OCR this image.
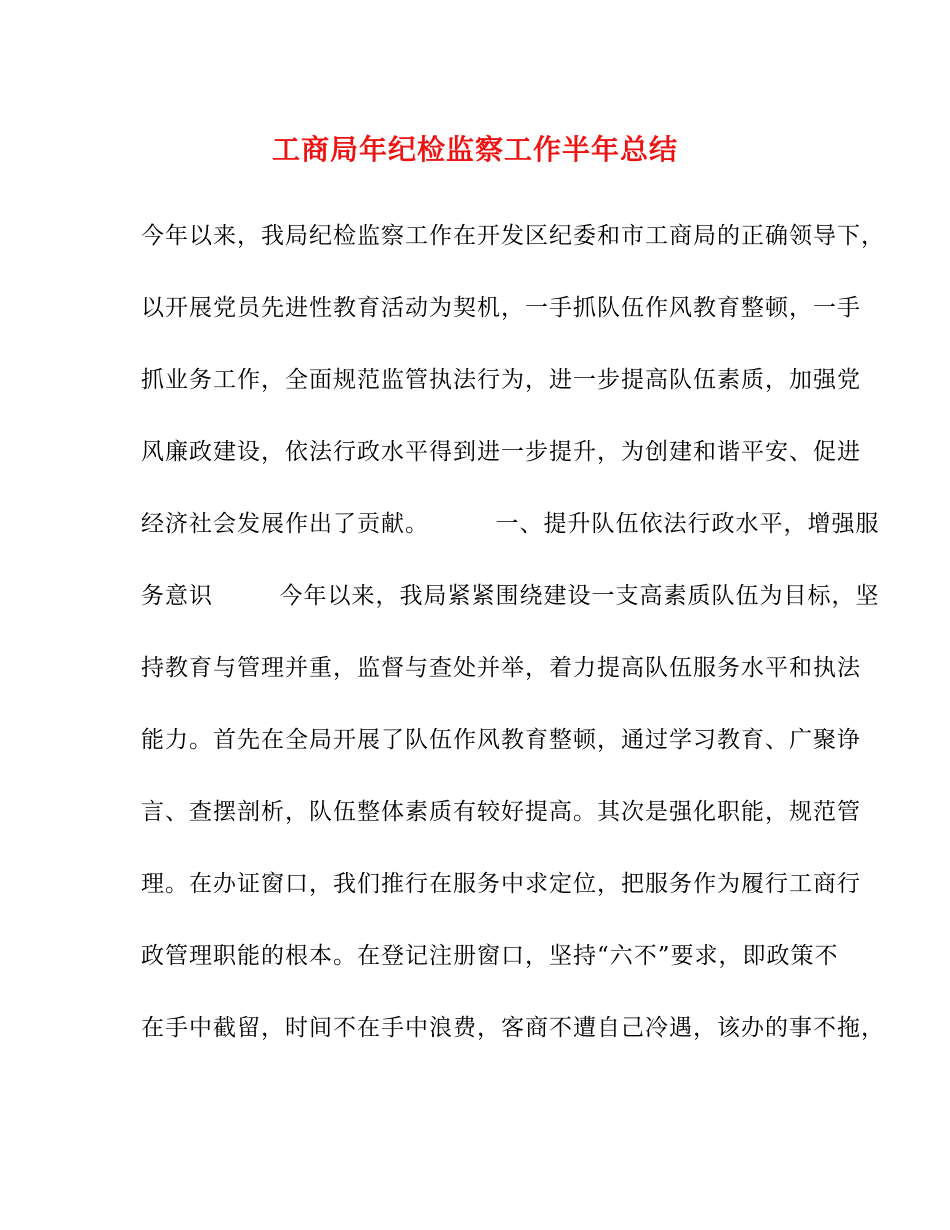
工商局年纪检监察工作半年总结
今年以来，我局纪检监察工作在开发区纪委和市工商局的正确领导下，
以开展党员先进性教育活动为契机，一手抓队伍作风教育整顿，一手
抓业务工作，全面规范监管执法行为，进一步提高队伍素质，加强党
风廉政建设，依法行政水平得到进一步提升，为创建和谐平安、促进
经济社会发展作出了贡献。        一、提升队伍依法行政水平，增强服
务意识        今年以来，我局紧紧围绕建设一支高素质队伍为目标，坚
持教育与管理并重，监督与查处并举，着力提高队伍服务水平和执法
能力。首先在全局开展了队伍作风教育整顿，通过学习教育、广聚诤
言、查摆剖析，队伍整体素质有较好提高。其次是强化职能，规范管
理。在办证窗口，我们推行在服务中求定位，把服务作为履行工商行
政管理职能的根本。在登记注册窗口，坚持“六不”要求，即政策不
在手中截留，时间不在手中浪费，客商不遭自己冷遇，该办的事不拖，
